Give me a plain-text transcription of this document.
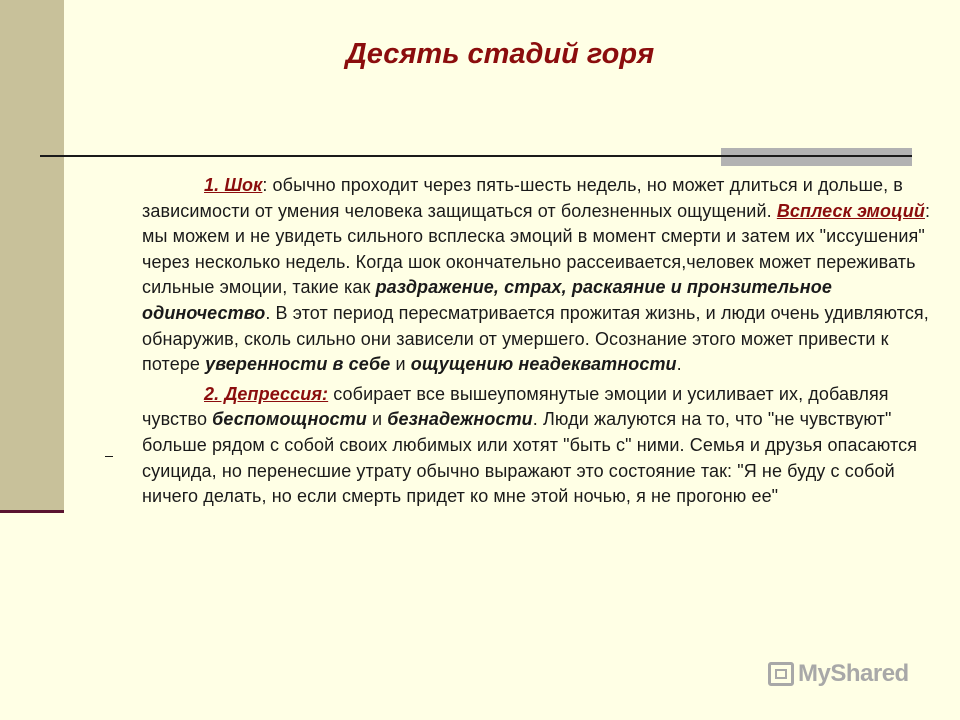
Десять стадий горя

1. Шок: обычно проходит через пять-шесть недель, но может длиться и дольше, в зависимости от умения человека защищаться от болезненных ощущений. Всплеск эмоций: мы можем и не увидеть сильного всплеска эмоций в момент смерти и затем их "иссушения" через несколько недель. Когда шок окончательно рассеивается,человек может переживать сильные эмоции, такие как раздражение, страх, раскаяние и пронзительное одиночество. В этот период пересматривается прожитая жизнь, и люди очень удивляются, обнаружив, сколь сильно они зависели от умершего. Осознание этого может привести к потере уверенности в себе и ощущению неадекватности.

2. Депрессия: собирает все вышеупомянутые эмоции и усиливает их, добавляя чувство беспомощности и безнадежности. Люди жалуются на то, что "не чувствуют" больше рядом с собой своих любимых или хотят "быть с" ними. Семья и друзья опасаются суицида, но перенесшие утрату обычно выражают это состояние так: "Я не буду с собой ничего делать, но если смерть придет ко мне этой ночью, я не прогоню ее"

MyShared
